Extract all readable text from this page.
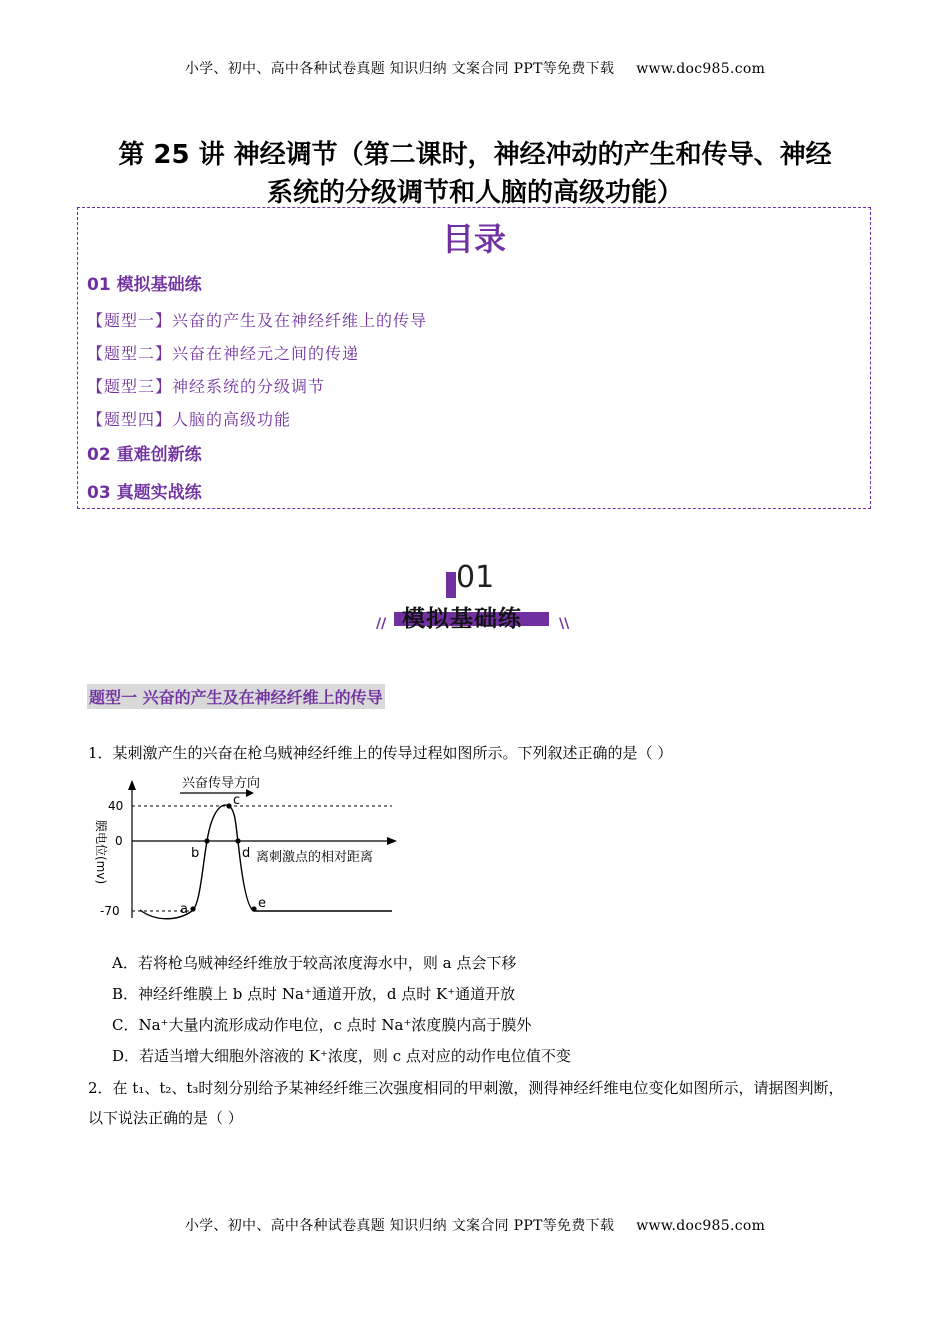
小学、初中、高中各种试卷真题 知识归纳 文案合同 PPT等免费下载 www.doc985.com
第 25 讲 神经调节（第二课时，神经冲动的产生和传导、神经
系统的分级调节和人脑的高级功能）
目录
01 模拟基础练
【题型一】兴奋的产生及在神经纤维上的传导
【题型二】兴奋在神经元之间的传递
【题型三】神经系统的分级调节
【题型四】人脑的高级功能
02 重难创新练
03 真题实战练
01
模拟基础练
//	\\
题型一 兴奋的产生及在神经纤维上的传导
1．某刺激产生的兴奋在枪乌贼神经纤维上的传导过程如图所示。下列叙述正确的是（ ）
兴奋传导方向
40
0
-70
膜电位(mv)	离刺激点的相对距离
a
b
c
d
e
A．若将枪乌贼神经纤维放于较高浓度海水中，则 a 点会下移
B．神经纤维膜上 b 点时 Na⁺通道开放，d 点时 K⁺通道开放
C．Na⁺大量内流形成动作电位，c 点时 Na⁺浓度膜内高于膜外
D．若适当增大细胞外溶液的 K⁺浓度，则 c 点对应的动作电位值不变
2．在 t₁、t₂、t₃时刻分别给予某神经纤维三次强度相同的甲刺激，测得神经纤维电位变化如图所示，请据图判断，以下说法正确的是（ ）
小学、初中、高中各种试卷真题 知识归纳 文案合同 PPT等免费下载 www.doc985.com
